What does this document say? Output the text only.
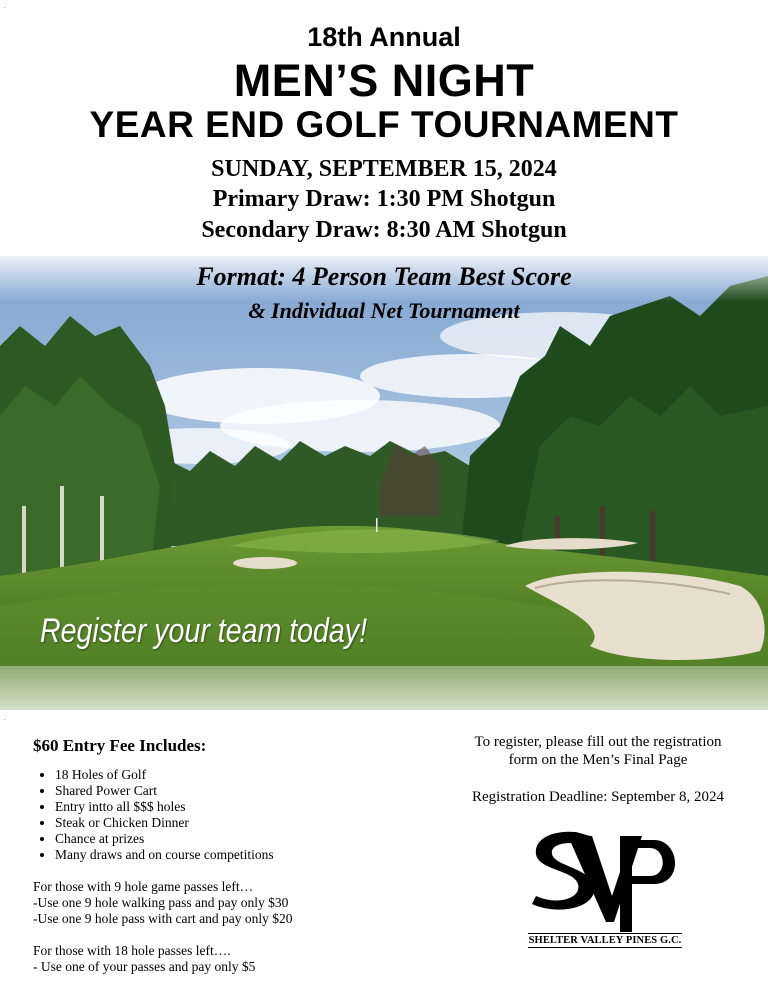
.
18th Annual
MEN’S NIGHT
YEAR END GOLF TOURNAMENT
SUNDAY, SEPTEMBER 15, 2024
Primary Draw: 1:30 PM Shotgun
Secondary Draw: 8:30 AM Shotgun
Format: 4 Person Team Best Score
& Individual Net Tournament
Register your team today!
.
$60 Entry Fee Includes:
• 18 Holes of Golf
• Shared Power Cart
• Entry intto all $$$ holes
• Steak or Chicken Dinner
• Chance at prizes
• Many draws and on course competitions
For those with 9 hole game passes left…
-Use one 9 hole walking pass and pay only $30
-Use one 9 hole pass with cart and pay only $20
For those with 18 hole passes left….
- Use one of your passes and pay only $5
To register, please fill out the registration
form on the Men’s Final Page
Registration Deadline: September 8, 2024
SHELTER VALLEY PINES G.C.
